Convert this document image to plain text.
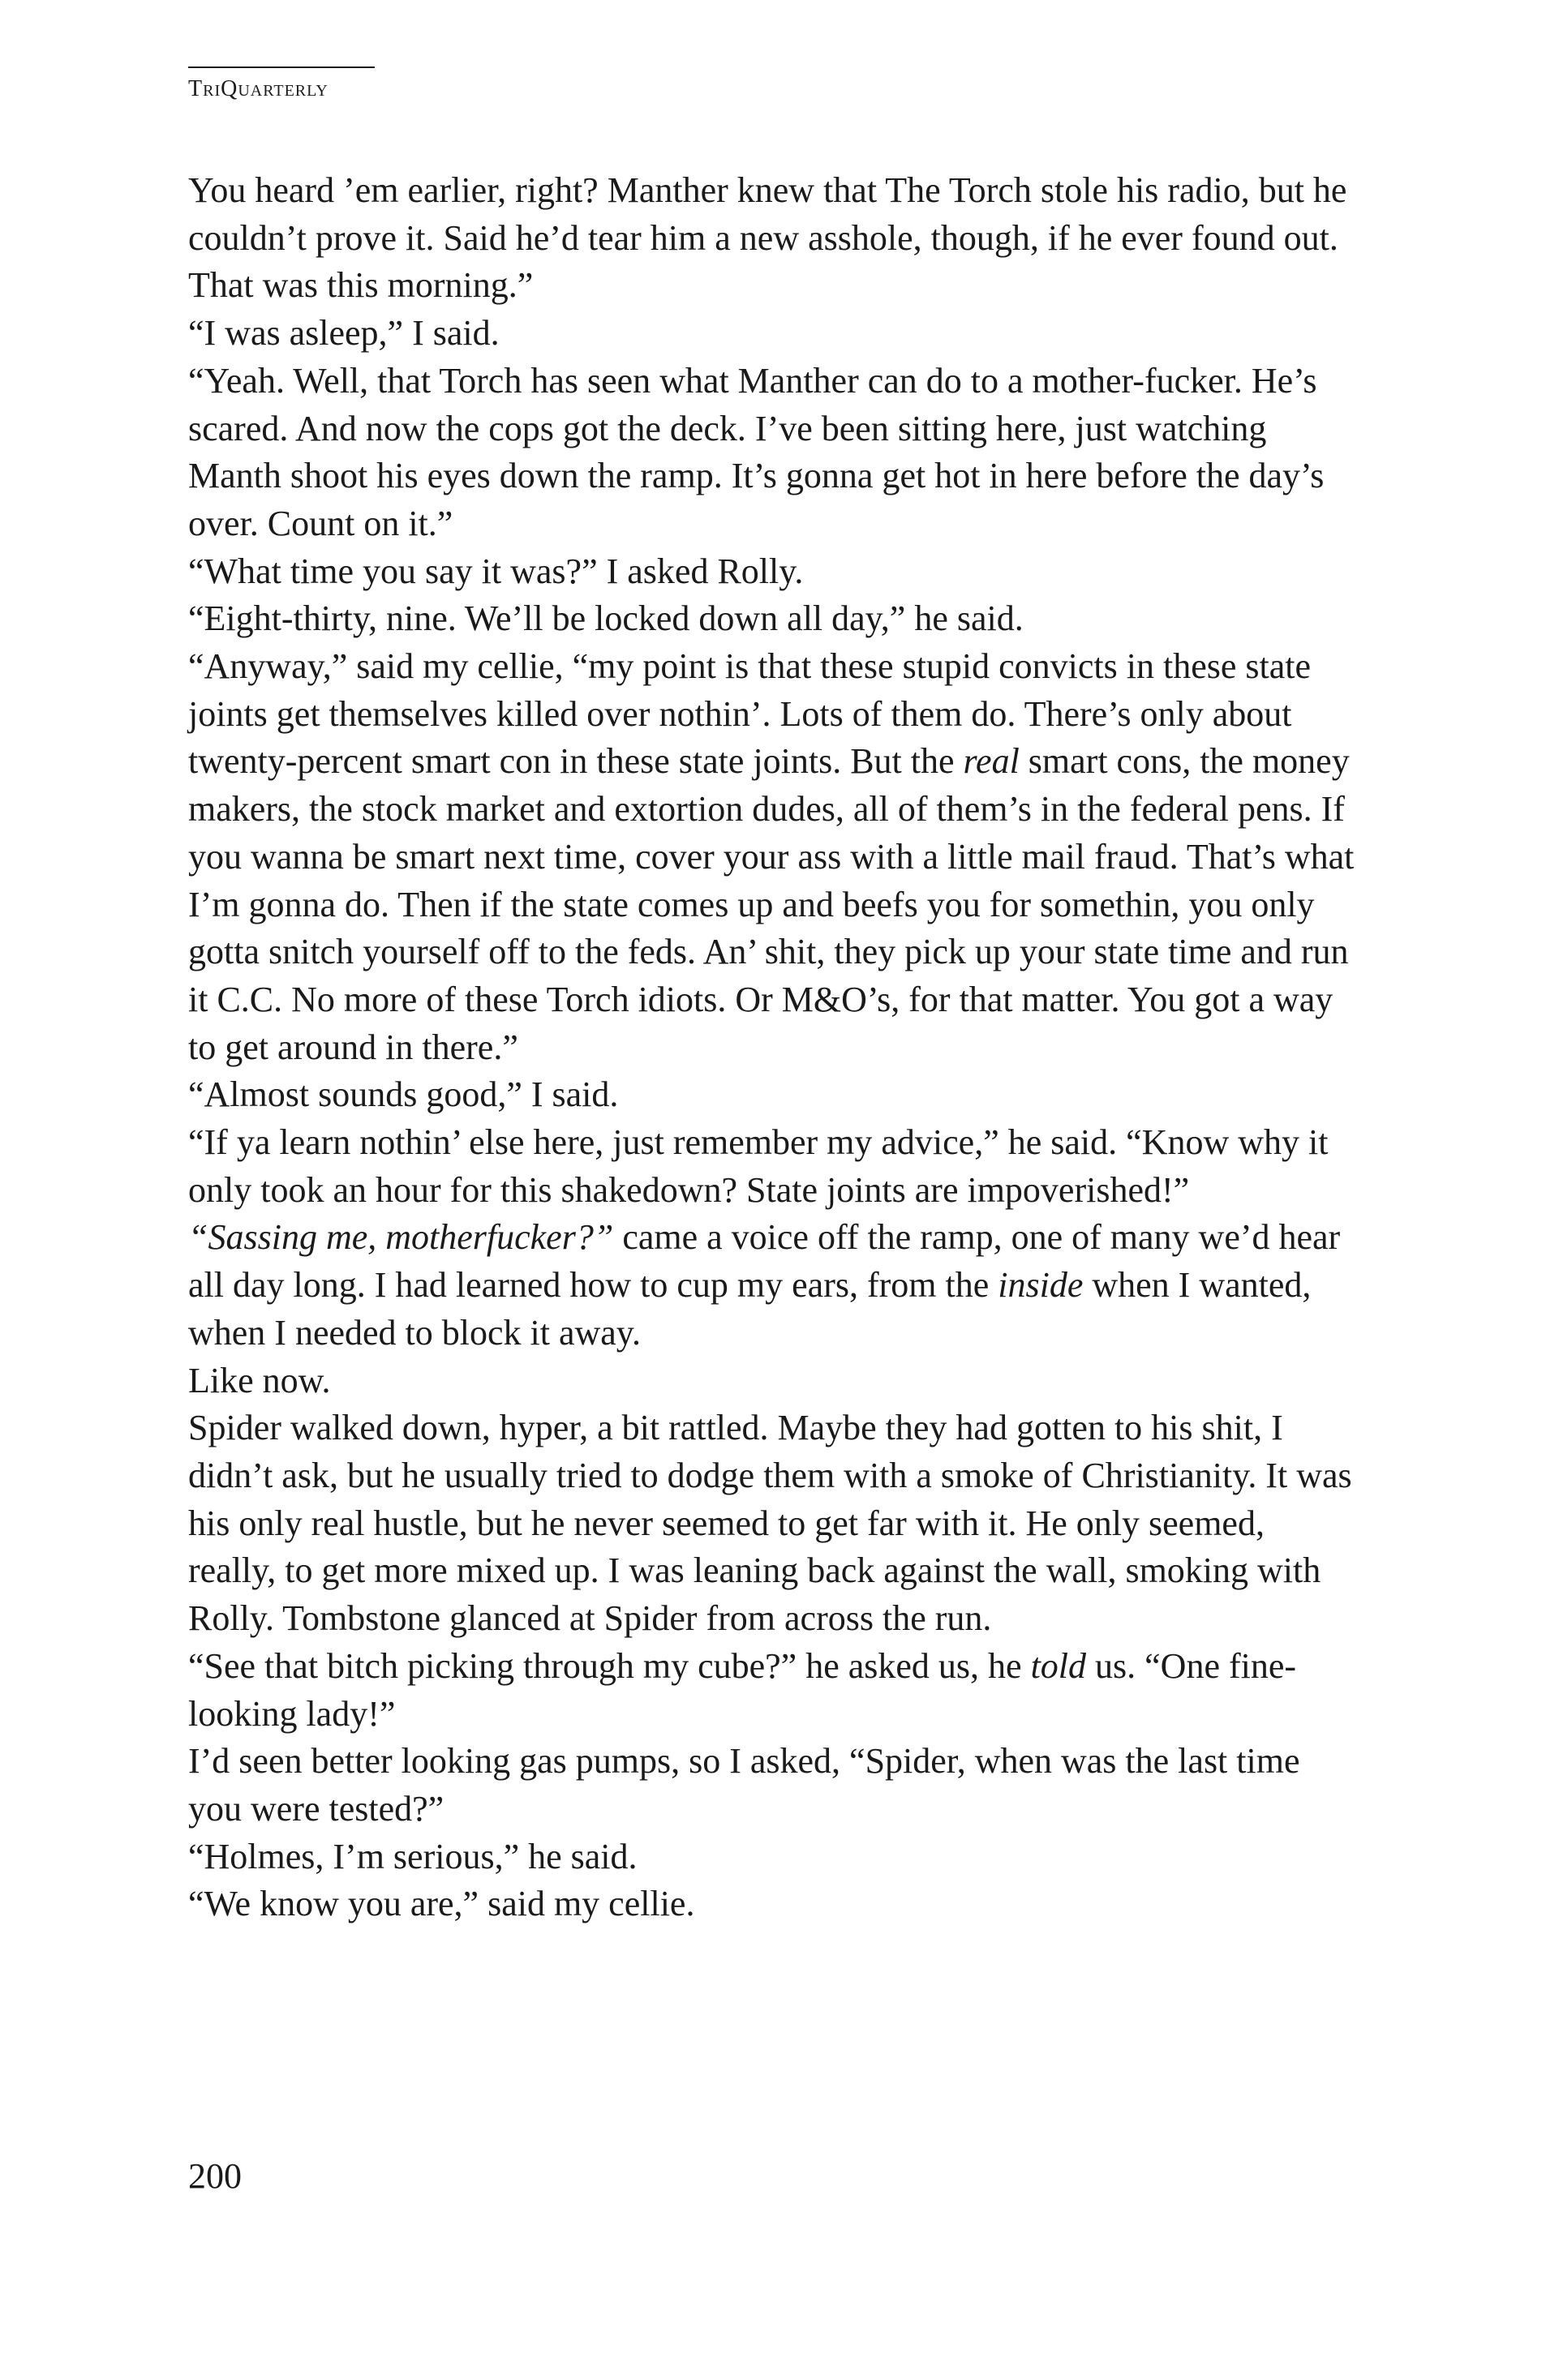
TriQuarterly

You heard ’em earlier, right? Manther knew that The Torch stole his radio, but he couldn’t prove it. Said he’d tear him a new asshole, though, if he ever found out. That was this morning.”

“I was asleep,” I said.

“Yeah. Well, that Torch has seen what Manther can do to a mother-fucker. He’s scared. And now the cops got the deck. I’ve been sitting here, just watching Manth shoot his eyes down the ramp. It’s gonna get hot in here before the day’s over. Count on it.”

“What time you say it was?” I asked Rolly.

“Eight-thirty, nine. We’ll be locked down all day,” he said.

“Anyway,” said my cellie, “my point is that these stupid convicts in these state joints get themselves killed over nothin’. Lots of them do. There’s only about twenty-percent smart con in these state joints. But the real smart cons, the money makers, the stock market and extortion dudes, all of them’s in the federal pens. If you wanna be smart next time, cover your ass with a little mail fraud. That’s what I’m gonna do. Then if the state comes up and beefs you for somethin, you only gotta snitch yourself off to the feds. An’ shit, they pick up your state time and run it C.C. No more of these Torch idiots. Or M&O’s, for that matter. You got a way to get around in there.”

“Almost sounds good,” I said.

“If ya learn nothin’ else here, just remember my advice,” he said. “Know why it only took an hour for this shakedown? State joints are impoverished!”

“Sassing me, motherfucker?” came a voice off the ramp, one of many we’d hear all day long. I had learned how to cup my ears, from the inside when I wanted, when I needed to block it away.

Like now.

Spider walked down, hyper, a bit rattled. Maybe they had gotten to his shit, I didn’t ask, but he usually tried to dodge them with a smoke of Christianity. It was his only real hustle, but he never seemed to get far with it. He only seemed, really, to get more mixed up. I was leaning back against the wall, smoking with Rolly. Tombstone glanced at Spider from across the run.

“See that bitch picking through my cube?” he asked us, he told us. “One fine-looking lady!”

I’d seen better looking gas pumps, so I asked, “Spider, when was the last time you were tested?”

“Holmes, I’m serious,” he said.

“We know you are,” said my cellie.

200
